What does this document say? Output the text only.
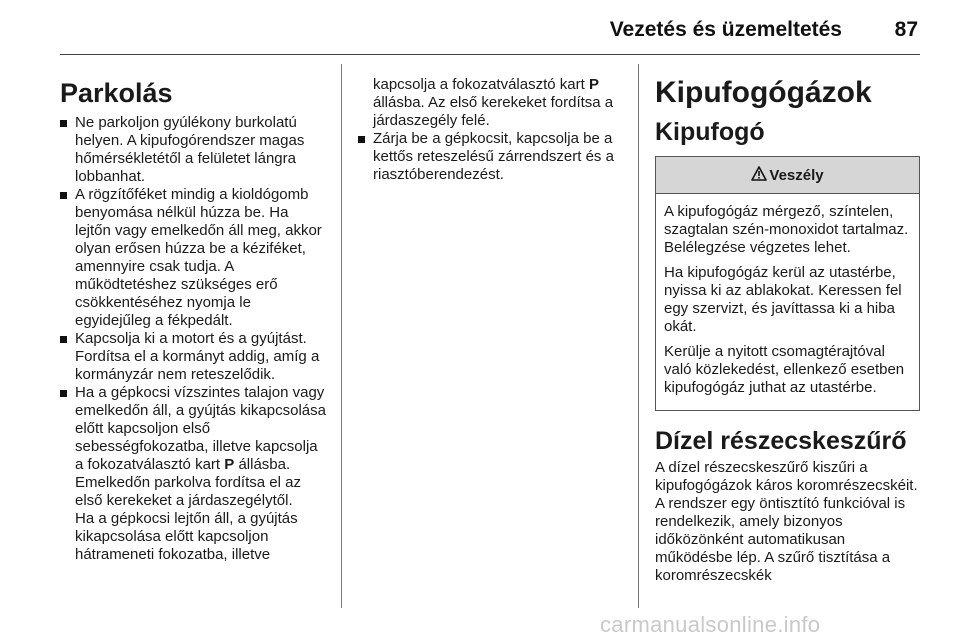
Vezetés és üzemeltetés	87
Parkolás
Ne parkoljon gyúlékony burkolatú helyen. A kipufogórendszer magas hőmérsékletétől a felületet lángra lobbanhat.
A rögzítőféket mindig a kioldógomb benyomása nélkül húzza be. Ha lejtőn vagy emelkedőn áll meg, akkor olyan erősen húzza be a kéziféket, amennyire csak tudja. A működtetéshez szükséges erő csökkentéséhez nyomja le egyidejűleg a fékpedált.
Kapcsolja ki a motort és a gyújtást. Fordítsa el a kormányt addig, amíg a kormányzár nem reteszelődik.
Ha a gépkocsi vízszintes talajon vagy emelkedőn áll, a gyújtás kikapcsolása előtt kapcsoljon első sebességfokozatba, illetve kapcsolja a fokozatválasztó kart P állásba. Emelkedőn parkolva fordítsa el az első kerekeket a járdaszegélytől.
Ha a gépkocsi lejtőn áll, a gyújtás kikapcsolása előtt kapcsoljon hátrameneti fokozatba, illetve
kapcsolja a fokozatválasztó kart P állásba. Az első kerekeket fordítsa a járdaszegély felé.
Zárja be a gépkocsit, kapcsolja be a kettős reteszelésű zárrendszert és a riasztóberendezést.
Kipufogógázok
Kipufogó
Veszély

A kipufogógáz mérgező, színtelen, szagtalan szén-monoxidot tartalmaz. Belélegzése végzetes lehet.

Ha kipufogógáz kerül az utastérbe, nyissa ki az ablakokat. Keressen fel egy szervizt, és javíttassa ki a hiba okát.

Kerülje a nyitott csomagtérajtóval való közlekedést, ellenkező esetben kipufogógáz juthat az utastérbe.

Dízel részecskeszűrő

A dízel részecskeszűrő kiszűri a kipufogógázok káros koromrészecskéit. A rendszer egy öntisztító funkcióval is rendelkezik, amely bizonyos időközönként automatikusan működésbe lép. A szűrő tisztítása a koromrészecskék

carmanualsonline.info
